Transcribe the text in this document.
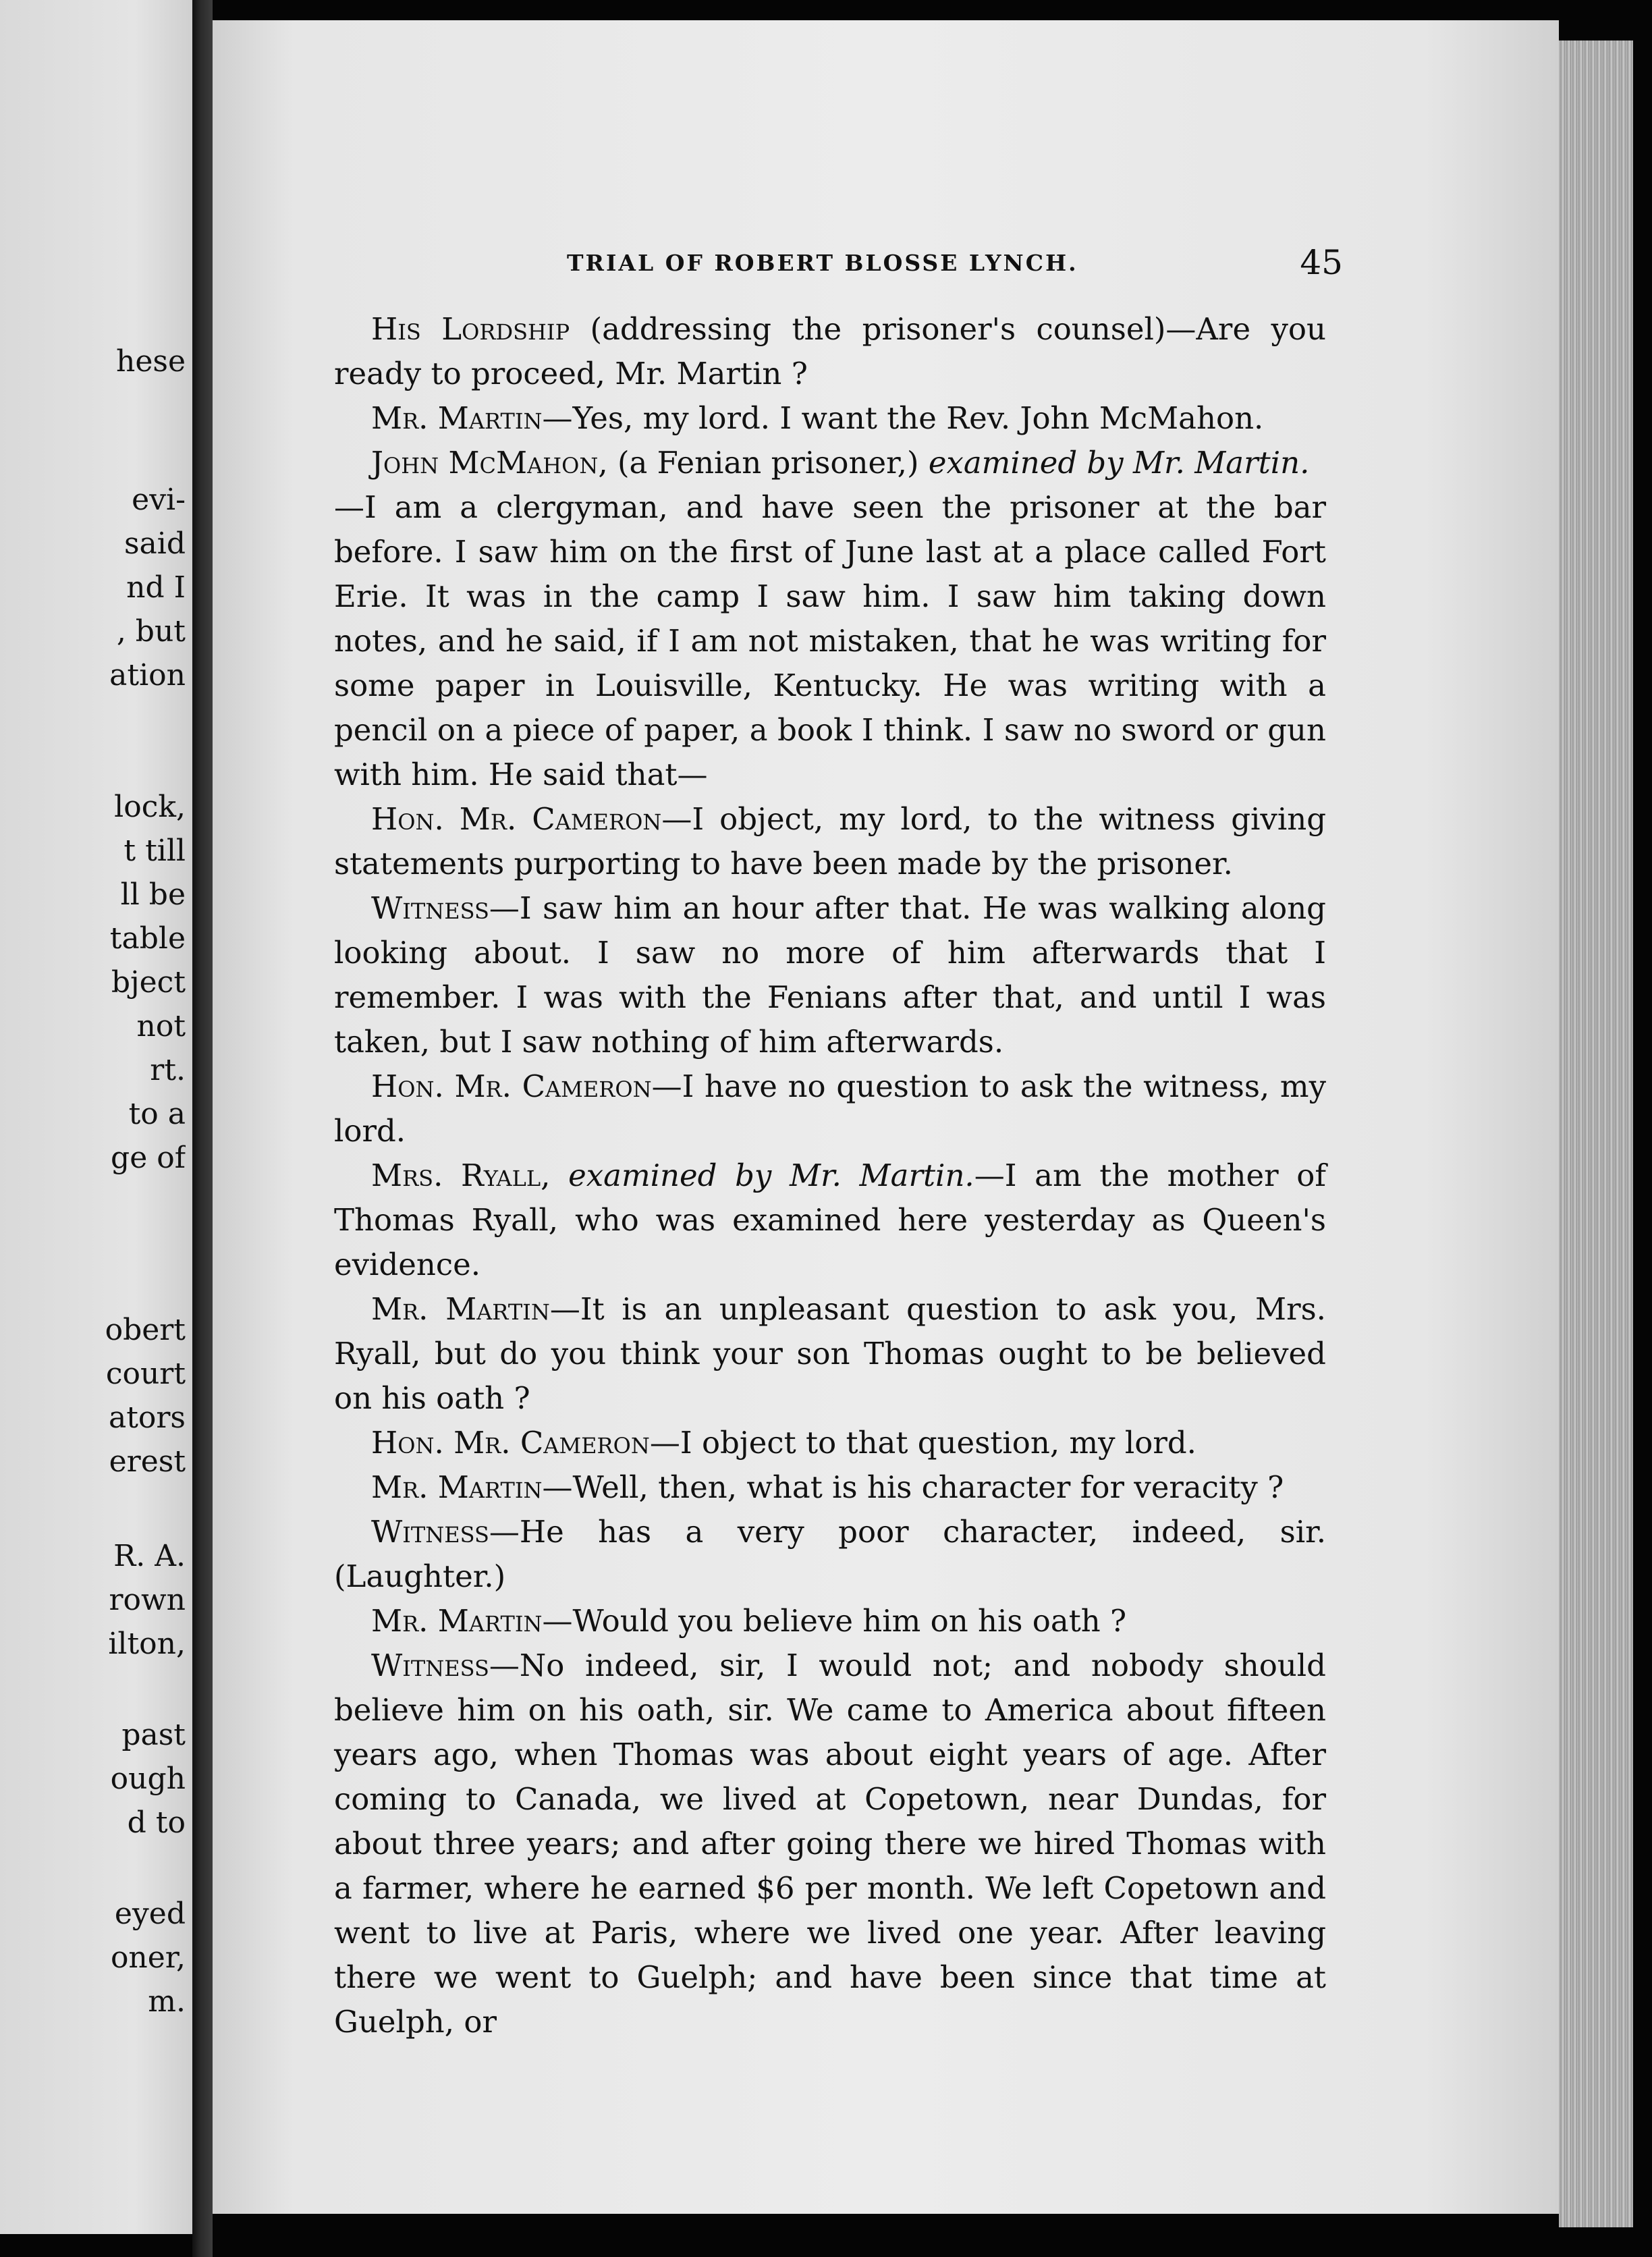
hese
evi-
said
nd I
, but
ation
lock,
t till
ll be
table
bject
not
rt.
to a
ge of
obert
court
ators
erest
R. A.
rown
ilton,
past
ough
d to
eyed
oner,
m.
TRIAL OF ROBERT BLOSSE LYNCH.	45

His Lordship (addressing the prisoner's counsel)—Are you ready to proceed, Mr. Martin ?

Mr. Martin—Yes, my lord. I want the Rev. John McMahon.

John McMahon, (a Fenian prisoner,) examined by Mr. Martin.

—I am a clergyman, and have seen the prisoner at the bar before. I saw him on the first of June last at a place called Fort Erie. It was in the camp I saw him. I saw him taking down notes, and he said, if I am not mistaken, that he was writing for some paper in Louisville, Kentucky. He was writing with a pencil on a piece of paper, a book I think. I saw no sword or gun with him. He said that—

Hon. Mr. Cameron—I object, my lord, to the witness giving statements purporting to have been made by the prisoner.

Witness—I saw him an hour after that. He was walking along looking about. I saw no more of him afterwards that I remember. I was with the Fenians after that, and until I was taken, but I saw nothing of him afterwards.

Hon. Mr. Cameron—I have no question to ask the witness, my lord.

Mrs. Ryall, examined by Mr. Martin.—I am the mother of Thomas Ryall, who was examined here yesterday as Queen's evidence.

Mr. Martin—It is an unpleasant question to ask you, Mrs. Ryall, but do you think your son Thomas ought to be believed on his oath ?

Hon. Mr. Cameron—I object to that question, my lord.

Mr. Martin—Well, then, what is his character for veracity ?

Witness—He has a very poor character, indeed, sir. (Laughter.)

Mr. Martin—Would you believe him on his oath ?

Witness—No indeed, sir, I would not; and nobody should believe him on his oath, sir. We came to America about fifteen years ago, when Thomas was about eight years of age. After coming to Canada, we lived at Copetown, near Dundas, for about three years; and after going there we hired Thomas with a farmer, where he earned $6 per month. We left Copetown and went to live at Paris, where we lived one year. After leaving there we went to Guelph; and have been since that time at Guelph, or
